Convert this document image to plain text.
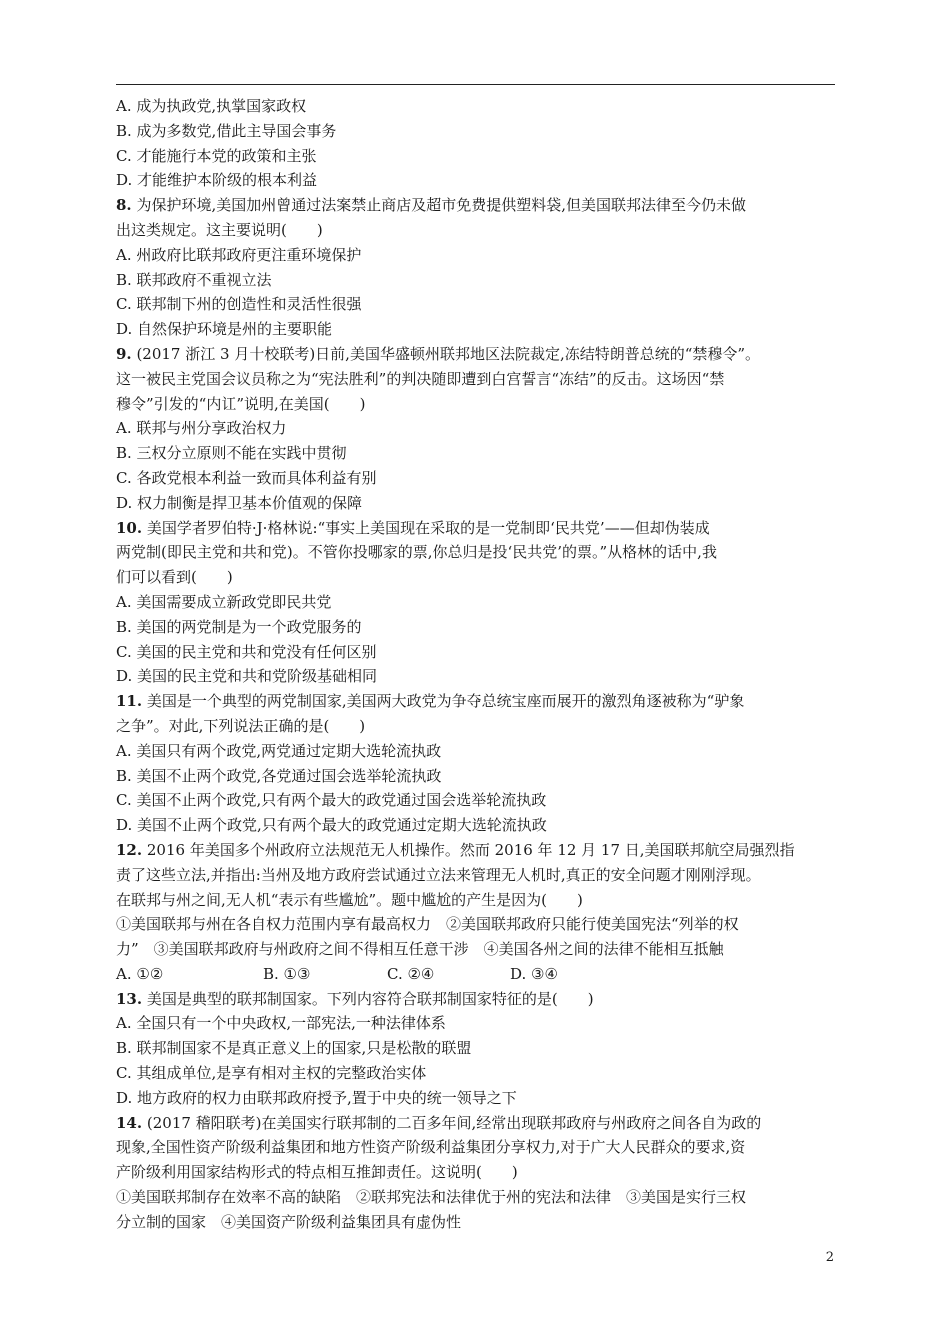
A. 成为执政党,执掌国家政权
B. 成为多数党,借此主导国会事务
C. 才能施行本党的政策和主张
D. 才能维护本阶级的根本利益
8. 为保护环境,美国加州曾通过法案禁止商店及超市免费提供塑料袋,但美国联邦法律至今仍未做
出这类规定。这主要说明(　　)
A. 州政府比联邦政府更注重环境保护
B. 联邦政府不重视立法
C. 联邦制下州的创造性和灵活性很强
D. 自然保护环境是州的主要职能
9. (2017 浙江 3 月十校联考)日前,美国华盛顿州联邦地区法院裁定,冻结特朗普总统的“禁穆令”。
这一被民主党国会议员称之为“宪法胜利”的判决随即遭到白宫誓言“冻结”的反击。这场因“禁
穆令”引发的“内讧”说明,在美国(　　)
A. 联邦与州分享政治权力
B. 三权分立原则不能在实践中贯彻
C. 各政党根本利益一致而具体利益有别
D. 权力制衡是捍卫基本价值观的保障
10. 美国学者罗伯特·J·格林说:“事实上美国现在采取的是一党制即‘民共党’——但却伪装成
两党制(即民主党和共和党)。不管你投哪家的票,你总归是投‘民共党’的票。”从格林的话中,我
们可以看到(　　)
A. 美国需要成立新政党即民共党
B. 美国的两党制是为一个政党服务的
C. 美国的民主党和共和党没有任何区别
D. 美国的民主党和共和党阶级基础相同
11. 美国是一个典型的两党制国家,美国两大政党为争夺总统宝座而展开的激烈角逐被称为“驴象
之争”。对此,下列说法正确的是(　　)
A. 美国只有两个政党,两党通过定期大选轮流执政
B. 美国不止两个政党,各党通过国会选举轮流执政
C. 美国不止两个政党,只有两个最大的政党通过国会选举轮流执政
D. 美国不止两个政党,只有两个最大的政党通过定期大选轮流执政
12. 2016 年美国多个州政府立法规范无人机操作。然而 2016 年 12 月 17 日,美国联邦航空局强烈指
责了这些立法,并指出:当州及地方政府尝试通过立法来管理无人机时,真正的安全问题才刚刚浮现。
在联邦与州之间,无人机“表示有些尴尬”。题中尴尬的产生是因为(　　)
①美国联邦与州在各自权力范围内享有最高权力　②美国联邦政府只能行使美国宪法“列举的权
力”　③美国联邦政府与州政府之间不得相互任意干涉　④美国各州之间的法律不能相互抵触
A. ①②	B. ①③	C. ②④	D. ③④
13. 美国是典型的联邦制国家。下列内容符合联邦制国家特征的是(　　)
A. 全国只有一个中央政权,一部宪法,一种法律体系
B. 联邦制国家不是真正意义上的国家,只是松散的联盟
C. 其组成单位,是享有相对主权的完整政治实体
D. 地方政府的权力由联邦政府授予,置于中央的统一领导之下
14. (2017 稽阳联考)在美国实行联邦制的二百多年间,经常出现联邦政府与州政府之间各自为政的
现象,全国性资产阶级利益集团和地方性资产阶级利益集团分享权力,对于广大人民群众的要求,资
产阶级利用国家结构形式的特点相互推卸责任。这说明(　　)
①美国联邦制存在效率不高的缺陷　②联邦宪法和法律优于州的宪法和法律　③美国是实行三权
分立制的国家　④美国资产阶级利益集团具有虚伪性
2
